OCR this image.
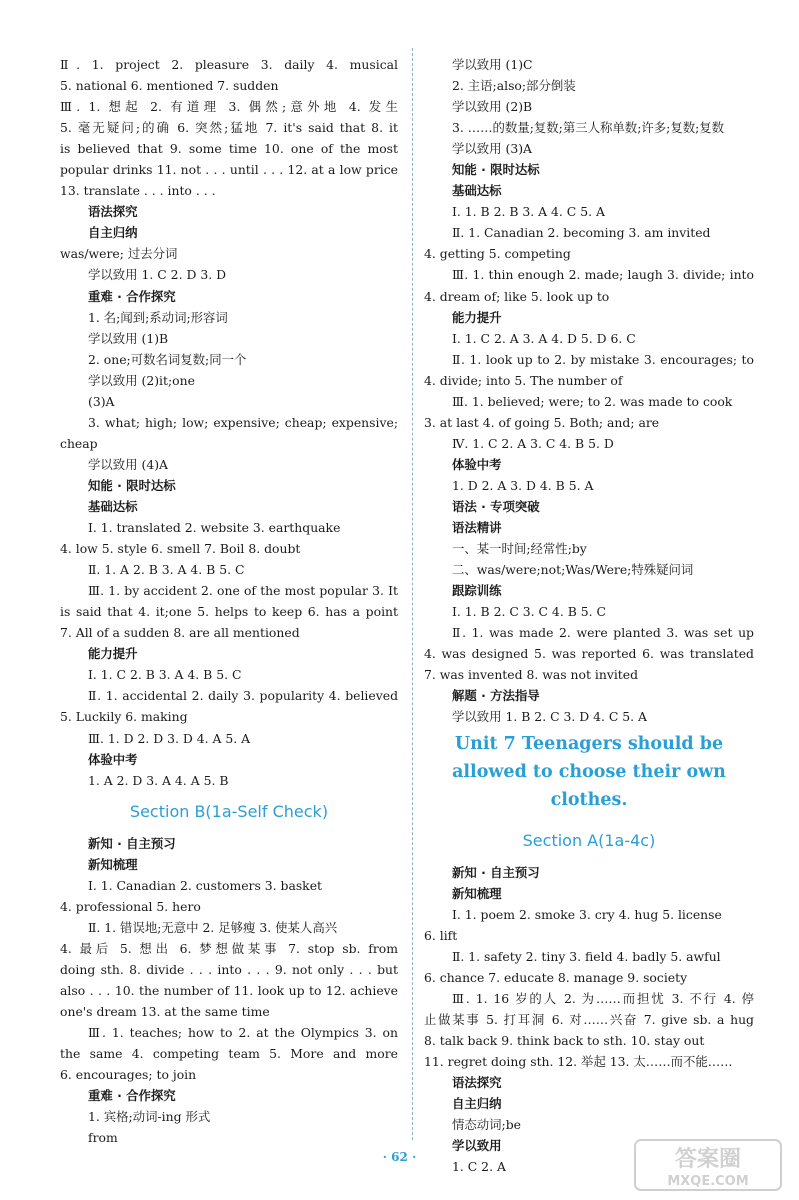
Ⅱ. 1. project 2. pleasure 3. daily 4. musical
5. national 6. mentioned 7. sudden
Ⅲ. 1. 想起 2. 有道理 3. 偶然;意外地 4. 发生
5. 毫无疑问;的确 6. 突然;猛地 7. it's said that 8. it
is believed that 9. some time 10. one of the most
popular drinks 11. not . . . until . . . 12. at a low price
13. translate . . . into . . .
语法探究
自主归纳
was/were; 过去分词
学以致用 1. C 2. D 3. D
重难 · 合作探究
1. 名;闻到;系动词;形容词
学以致用 (1)B
2. one;可数名词复数;同一个
学以致用 (2)it;one
(3)A
3. what; high; low; expensive; cheap; expensive;
cheap
学以致用 (4)A
知能 · 限时达标
基础达标
Ⅰ. 1. translated 2. website 3. earthquake
4. low 5. style 6. smell 7. Boil 8. doubt
Ⅱ. 1. A 2. B 3. A 4. B 5. C
Ⅲ. 1. by accident 2. one of the most popular 3. It
is said that 4. it;one 5. helps to keep 6. has a point
7. All of a sudden 8. are all mentioned
能力提升
Ⅰ. 1. C 2. B 3. A 4. B 5. C
Ⅱ. 1. accidental 2. daily 3. popularity 4. believed
5. Luckily 6. making
Ⅲ. 1. D 2. D 3. D 4. A 5. A
体验中考
1. A 2. D 3. A 4. A 5. B
Section B(1a-Self Check)
新知 · 自主预习
新知梳理
Ⅰ. 1. Canadian 2. customers 3. basket
4. professional 5. hero
Ⅱ. 1. 错误地;无意中 2. 足够瘦 3. 使某人高兴
4. 最后 5. 想出 6. 梦想做某事 7. stop sb. from
doing sth. 8. divide . . . into . . . 9. not only . . . but
also . . . 10. the number of 11. look up to 12. achieve
one's dream 13. at the same time
Ⅲ. 1. teaches; how to 2. at the Olympics 3. on
the same 4. competing team 5. More and more
6. encourages; to join
重难 · 合作探究
1. 宾格;动词-ing 形式
from
学以致用 (1)C
2. 主语;also;部分倒装
学以致用 (2)B
3. ……的数量;复数;第三人称单数;许多;复数;复数
学以致用 (3)A
知能 · 限时达标
基础达标
Ⅰ. 1. B 2. B 3. A 4. C 5. A
Ⅱ. 1. Canadian 2. becoming 3. am invited
4. getting 5. competing
Ⅲ. 1. thin enough 2. made; laugh 3. divide; into
4. dream of; like 5. look up to
能力提升
Ⅰ. 1. C 2. A 3. A 4. D 5. D 6. C
Ⅱ. 1. look up to 2. by mistake 3. encourages; to
4. divide; into 5. The number of
Ⅲ. 1. believed; were; to 2. was made to cook
3. at last 4. of going 5. Both; and; are
Ⅳ. 1. C 2. A 3. C 4. B 5. D
体验中考
1. D 2. A 3. D 4. B 5. A
语法 · 专项突破
语法精讲
一、某一时间;经常性;by
二、was/were;not;Was/Were;特殊疑问词
跟踪训练
Ⅰ. 1. B 2. C 3. C 4. B 5. C
Ⅱ. 1. was made 2. were planted 3. was set up
4. was designed 5. was reported 6. was translated
7. was invented 8. was not invited
解题 · 方法指导
学以致用 1. B 2. C 3. D 4. C 5. A
Unit 7 Teenagers should be
allowed to choose their own clothes.
Section A(1a-4c)
新知 · 自主预习
新知梳理
Ⅰ. 1. poem 2. smoke 3. cry 4. hug 5. license
6. lift
Ⅱ. 1. safety 2. tiny 3. field 4. badly 5. awful
6. chance 7. educate 8. manage 9. society
Ⅲ. 1. 16 岁的人 2. 为……而担忧 3. 不行 4. 停
止做某事 5. 打耳洞 6. 对……兴奋 7. give sb. a hug
8. talk back 9. think back to sth. 10. stay out
11. regret doing sth. 12. 举起 13. 太……而不能……
语法探究
自主归纳
情态动词;be
学以致用
1. C 2. A
· 62 ·	答案圈
MXQE.COM
